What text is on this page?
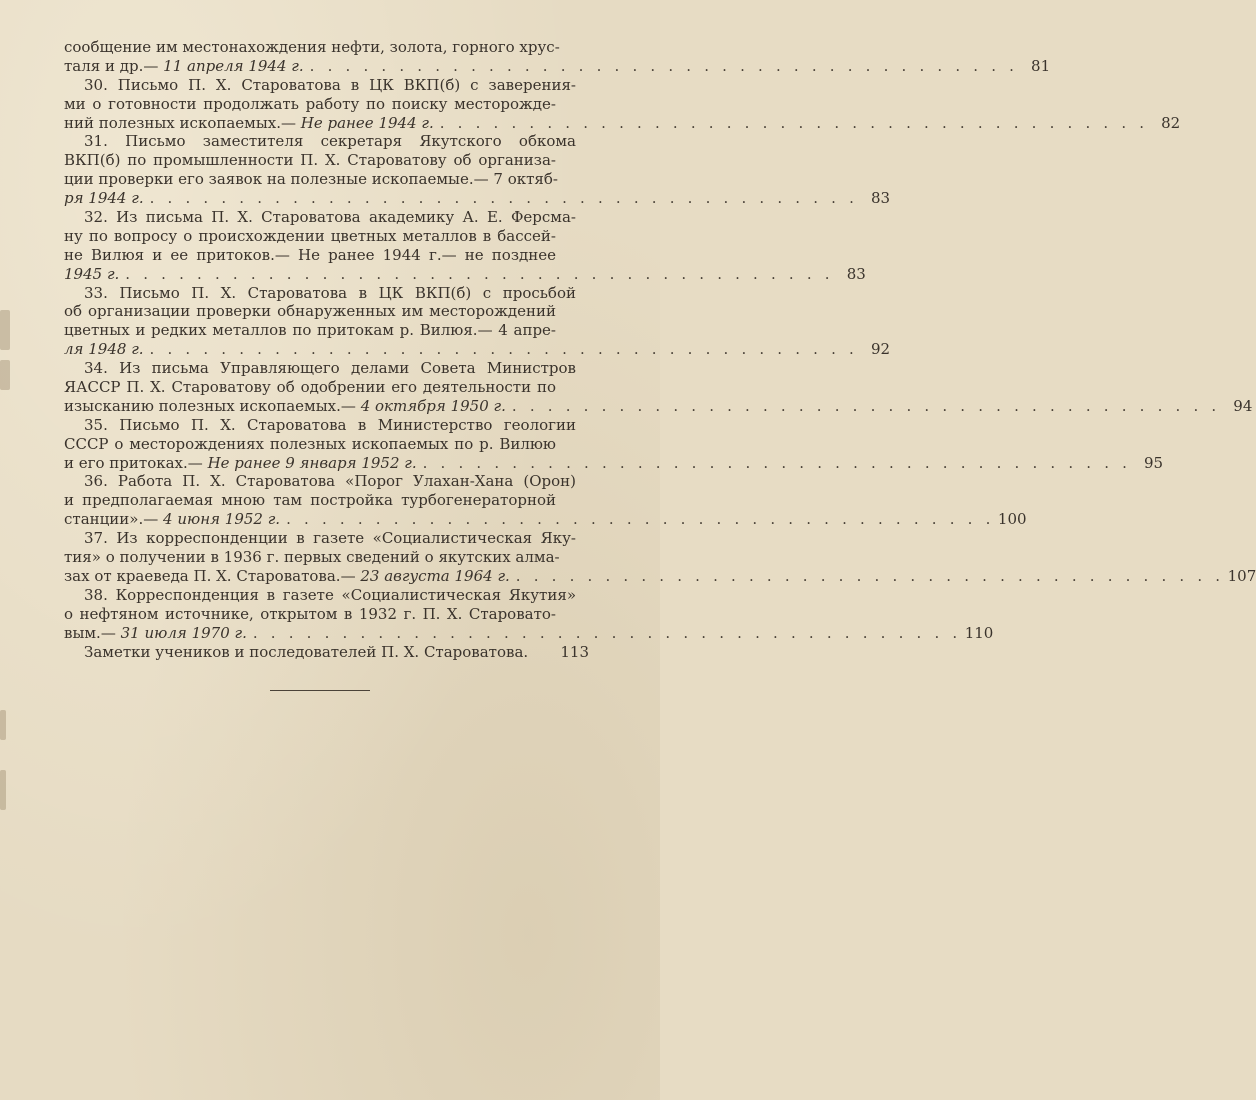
сообщение им местонахождения нефти, золота, горного хрус-
таля и др.— 11 апреля 1944 г. . . .	81
30. Письмо П. Х. Староватова в ЦК ВКП(б) с заверения-
ми о готовности продолжать работу по поиску месторожде-
ний полезных ископаемых.— Не ранее 1944 г. . . .	82
31. Письмо заместителя секретаря Якутского обкома
ВКП(б) по промышленности П. Х. Староватову об организа-
ции проверки его заявок на полезные ископаемые.— 7 октяб-
ря 1944 г. . . .	83
32. Из письма П. Х. Староватова академику А. Е. Ферсма-
ну по вопросу о происхождении цветных металлов в бассей-
не Вилюя и ее притоков.— Не ранее 1944 г.— не позднее
1945 г. . . .	83
33. Письмо П. Х. Староватова в ЦК ВКП(б) с просьбой
об организации проверки обнаруженных им месторождений
цветных и редких металлов по притокам р. Вилюя.— 4 апре-
ля 1948 г. . . .	92
34. Из письма Управляющего делами Совета Министров
ЯАССР П. Х. Староватову об одобрении его деятельности по
изысканию полезных ископаемых.— 4 октября 1950 г. . . .	94
35. Письмо П. Х. Староватова в Министерство геологии
СССР о месторождениях полезных ископаемых по р. Вилюю
и его притоках.— Не ранее 9 января 1952 г. . . .	95
36. Работа П. Х. Староватова «Порог Улахан-Хана (Орон)
и предполагаемая мною там постройка турбогенераторной
станции».— 4 июня 1952 г. . . .	100
37. Из корреспонденции в газете «Социалистическая Яку-
тия» о получении в 1936 г. первых сведений о якутских алма-
зах от краеведа П. Х. Староватова.— 23 августа 1964 г. . . .	107
38. Корреспонденция в газете «Социалистическая Якутия»
о нефтяном источнике, открытом в 1932 г. П. Х. Старовато-
вым.— 31 июля 1970 г. . . .	110
Заметки учеников и последователей П. Х. Староватова. 113
